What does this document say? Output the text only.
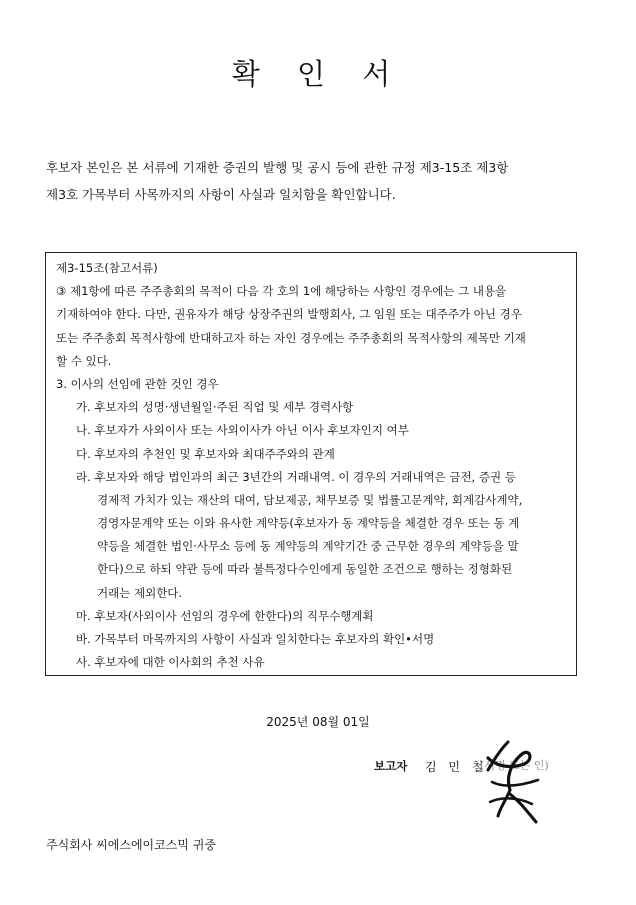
확 인 서

후보자 본인은 본 서류에 기재한 증권의 발행 및 공시 등에 관한 규정 제3-15조 제3항

제3호 가목부터 사목까지의 사항이 사실과 일치함을 확인합니다.

제3-15조(참고서류)
③ 제1항에 따른 주주총회의 목적이 다음 각 호의 1에 해당하는 사항인 경우에는 그 내용을
기재하여야 한다. 다만, 권유자가 해당 상장주권의 발행회사, 그 임원 또는 대주주가 아닌 경우
또는 주주총회 목적사항에 반대하고자 하는 자인 경우에는 주주총회의 목적사항의 제목만 기재
할 수 있다.
3. 이사의 선임에 관한 것인 경우
가. 후보자의 성명·생년월일·주된 직업 및 세부 경력사항
나. 후보자가 사외이사 또는 사외이사가 아닌 이사 후보자인지 여부
다. 후보자의 추천인 및 후보자와 최대주주와의 관계
라. 후보자와 해당 법인과의 최근 3년간의 거래내역. 이 경우의 거래내역은 금전, 증권 등
경제적 가치가 있는 재산의 대여, 담보제공, 채무보증 및 법률고문계약, 회계감사계약,
경영자문계약 또는 이와 유사한 계약등(후보자가 동 계약등을 체결한 경우 또는 동 계
약등을 체결한 법인·사무소 등에 동 계약등의 계약기간 중 근무한 경우의 계약등을 말
한다)으로 하되 약관 등에 따라 불특정다수인에게 동일한 조건으로 행하는 정형화된
거래는 제외한다.
마. 후보자(사외이사 선임의 경우에 한한다)의 직무수행계획
바. 가목부터 마목까지의 사항이 사실과 일치한다는 후보자의 확인•서명
사. 후보자에 대한 이사회의 추천 사유
2025년 08월 01일
보고자 김 민 철
(서명 또는 인)
주식회사 씨에스에이코스믹 귀중
